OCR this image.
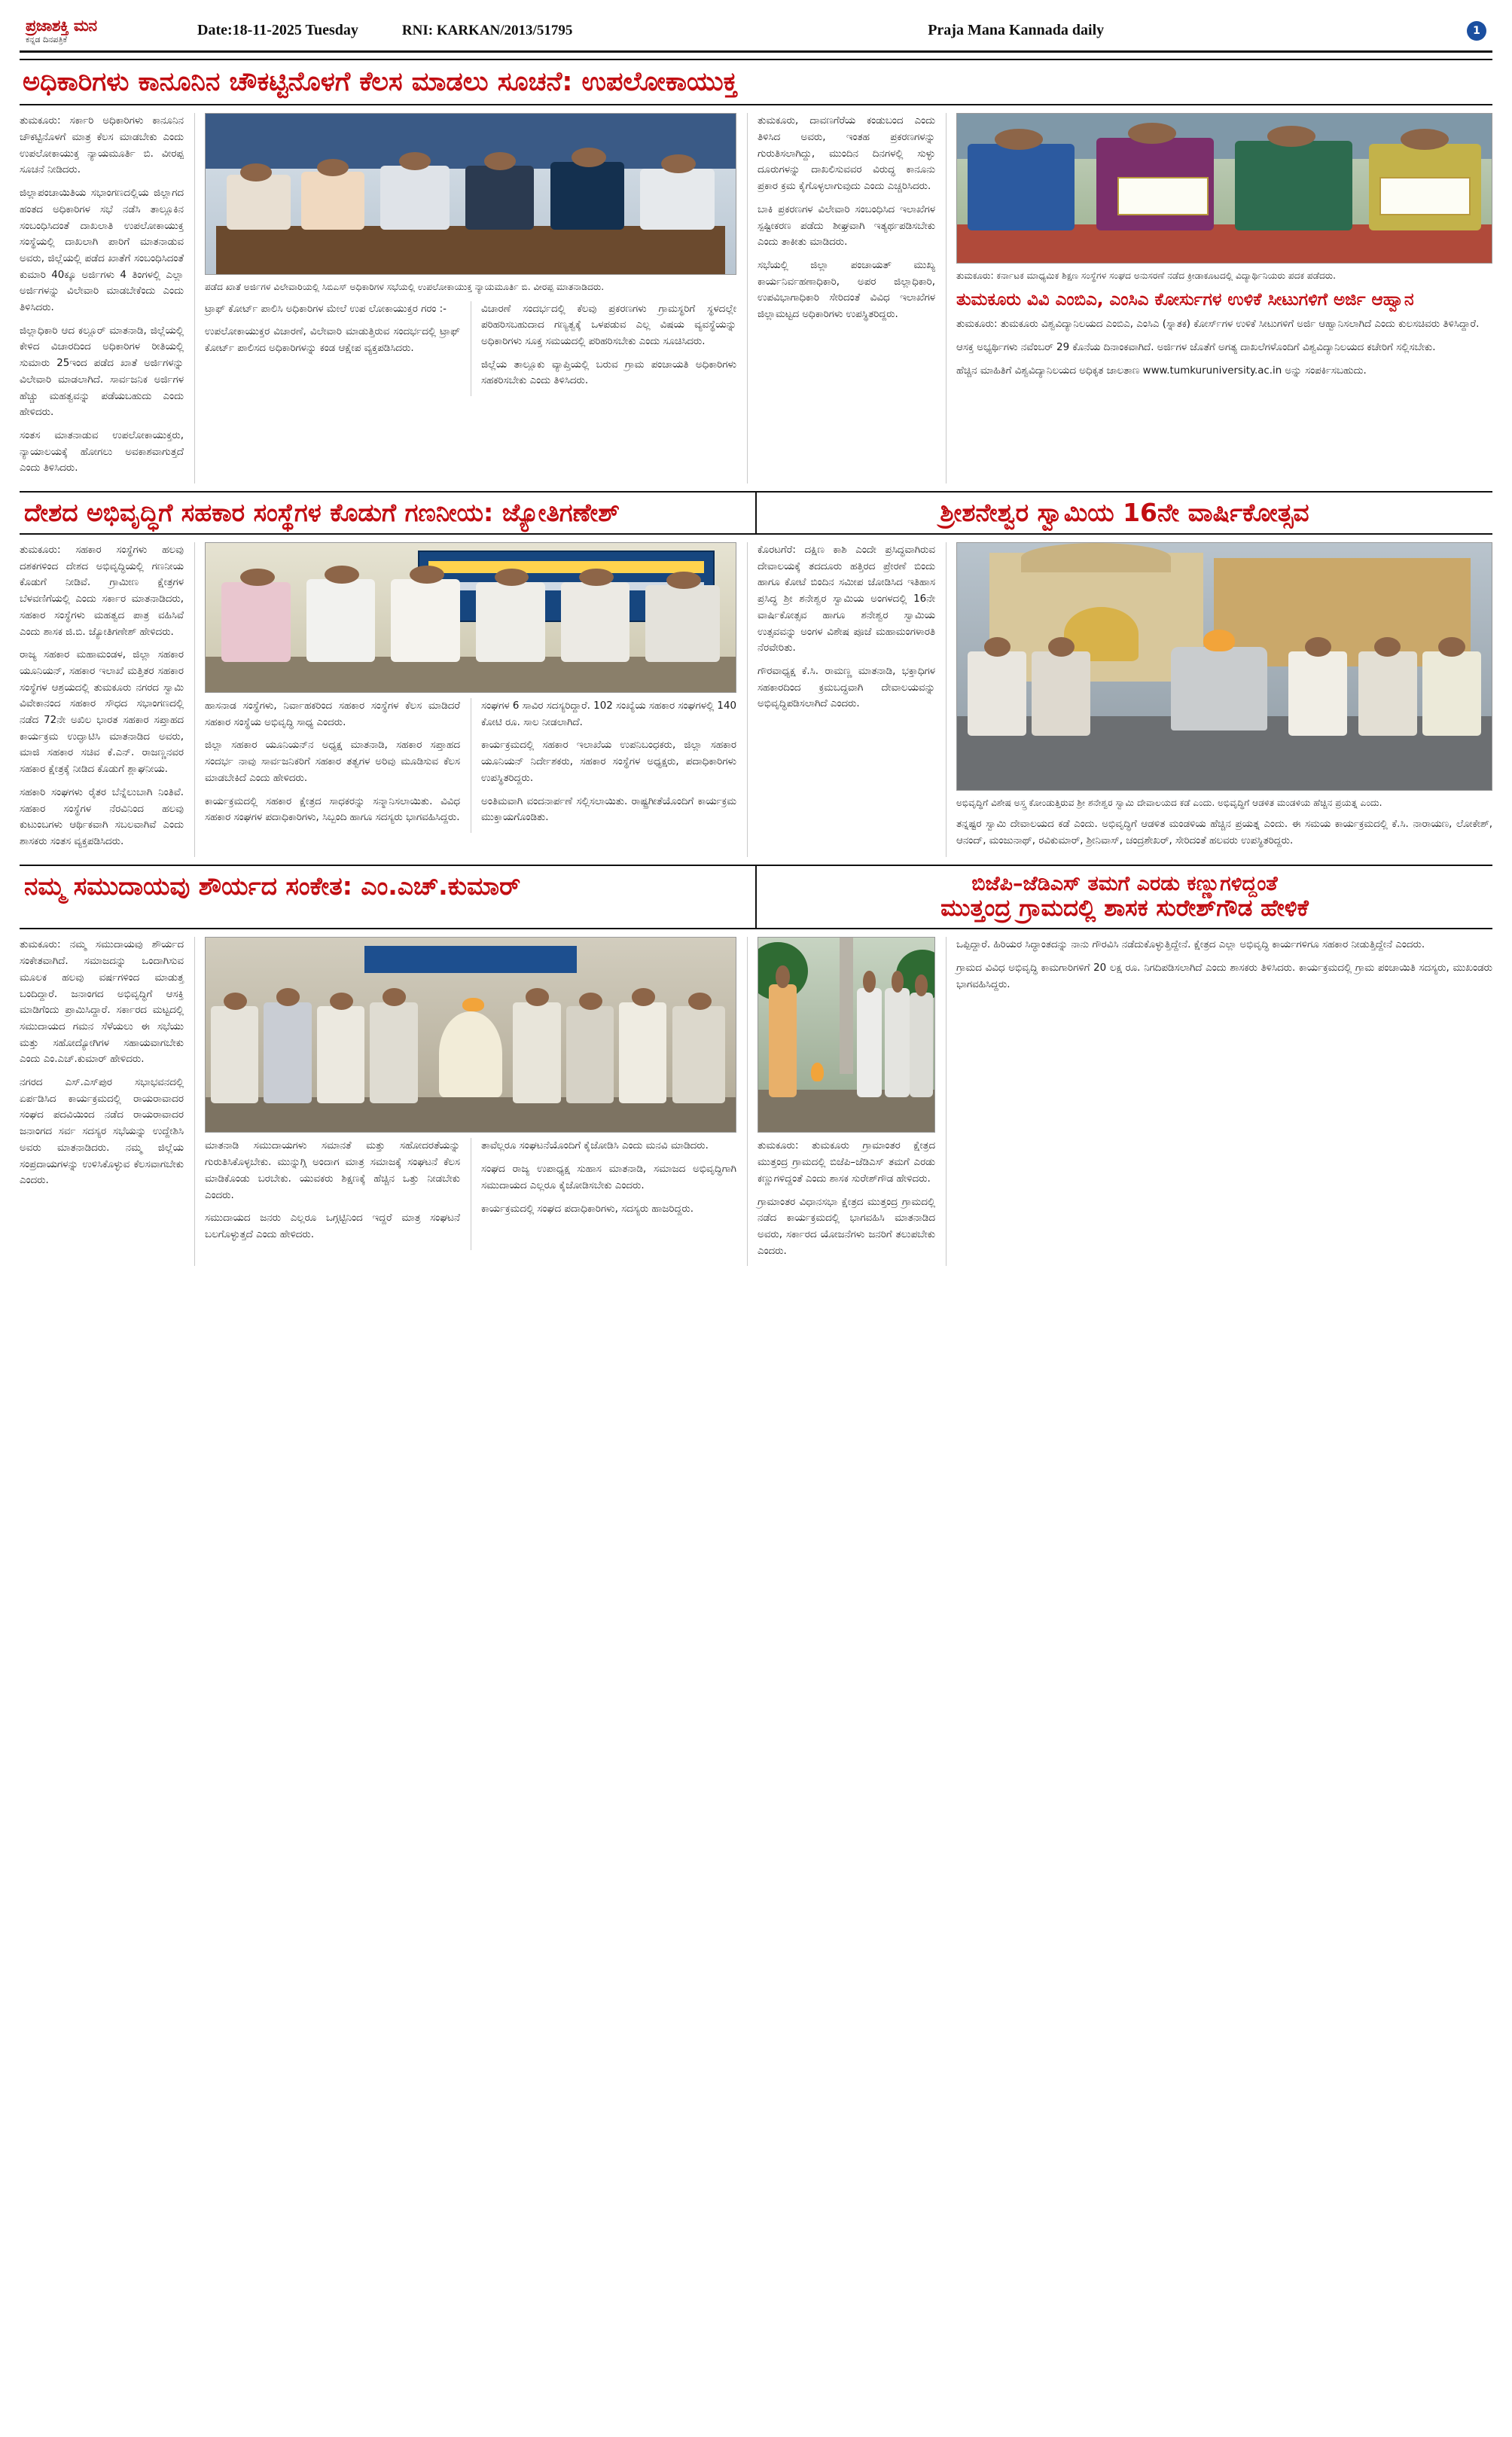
ಪ್ರಜಾಶಕ್ತಿ ಮನ
ಕನ್ನಡ ದಿನಪತ್ರಿಕೆ
Date:18-11-2025 Tuesday	RNI: KARKAN/2013/51795	Praja Mana Kannada daily	1
ಅಧಿಕಾರಿಗಳು ಕಾನೂನಿನ ಚೌಕಟ್ಟಿನೊಳಗೆ ಕೆಲಸ ಮಾಡಲು ಸೂಚನೆ: ಉಪಲೋಕಾಯುಕ್ತ

ತುಮಕೂರು: ಸರ್ಕಾರಿ ಅಧಿಕಾರಿಗಳು ಕಾನೂನಿನ ಚೌಕಟ್ಟಿನೊಳಗೆ ಮಾತ್ರ ಕೆಲಸ ಮಾಡಬೇಕು ಎಂದು ಉಪಲೋಕಾಯುಕ್ತ ನ್ಯಾಯಮೂರ್ತಿ ಬಿ. ವೀರಪ್ಪ ಸೂಚನೆ ನೀಡಿದರು.

ಜಿಲ್ಲಾಪಂಚಾಯಿತಿಯ ಸಭಾಂಗಣದಲ್ಲಿಯ ಜಿಲ್ಲಾಗದ ಹಂತದ ಅಧಿಕಾರಿಗಳ ಸಭೆ ನಡೆಸಿ ತಾಲ್ಲೂಕಿನ ಸಂಬಂಧಿಸಿದಂತೆ ದಾಖಲಾತಿ ಉಪಲೋಕಾಯುಕ್ತ ಸಂಸ್ಥೆಯಲ್ಲಿ ದಾಖಲಾಗಿ ಪಾರಿಗೆ ಮಾತನಾಡುವ ಅವರು, ಜಿಲ್ಲೆಯಲ್ಲಿ ಪಡೆದ ಖಾತೆಗೆ ಸಂಬಂಧಿಸಿದಂತೆ ಕುಮಾರಿ 40ಕ್ಕೂ ಅರ್ಜಿಗಳು 4 ತಿಂಗಳಲ್ಲಿ ಎಲ್ಲಾ ಅರ್ಜಿಗಳನ್ನು ವಿಲೇವಾರಿ ಮಾಡಬೇಕೆಂದು ಎಂದು ತಿಳಿಸಿದರು.

ಜಿಲ್ಲಾಧಿಕಾರಿ ಆದ ಕಲ್ಲೂರ್ ಮಾತನಾಡಿ, ಜಿಲ್ಲೆಯಲ್ಲಿ ಕೇಳಿದ ವಿಚಾರದಿಂದ ಅಧಿಕಾರಿಗಳ ರೀತಿಯಲ್ಲಿ ಸುಮಾರು 25ಇಂದ ಪಡೆದ ಖಾತೆ ಅರ್ಜಿಗಳನ್ನು ವಿಲೇವಾರಿ ಮಾಡಲಾಗಿದೆ. ಸಾರ್ವಜನಿಕ ಅರ್ಜಿಗಳ ಹೆಚ್ಚು ಮಹತ್ವವನ್ನು ಪಡೆಯಬಹುದು ಎಂದು ಹೇಳಿದರು.

ಸಂತಸ ಮಾತನಾಡುವ ಉಪಲೋಕಾಯುಕ್ತರು, ನ್ಯಾಯಾಲಯಕ್ಕೆ ಹೋಗಲು ಅವಕಾಶವಾಗುತ್ತದೆ ಎಂದು ತಿಳಿಸಿದರು.

ಪಡೆದ ಖಾತೆ ಅರ್ಜಿಗಳ ವಿಲೇವಾರಿಯಲ್ಲಿ ಸಿಬಿಎಸ್ ಅಧಿಕಾರಿಗಳ ಸಭೆಯಲ್ಲಿ ಉಪಲೋಕಾಯುಕ್ತ ನ್ಯಾಯಮೂರ್ತಿ ಬಿ. ವೀರಪ್ಪ ಮಾತನಾಡಿದರು.

ಟ್ರಾಫ್ ಕೋರ್ಟ್ ಪಾಲಿಸಿ ಅಧಿಕಾರಿಗಳ ಮೇಲೆ ಉಪ ಲೋಕಾಯುಕ್ತರ ಗರಂ :-

ಉಪಲೋಕಾಯುಕ್ತರ ವಿಚಾರಣೆ, ವಿಲೇವಾರಿ ಮಾಡುತ್ತಿರುವ ಸಂದರ್ಭದಲ್ಲಿ ಟ್ರಾಫ್ ಕೋರ್ಟ್ ಪಾಲಿಸದ ಅಧಿಕಾರಿಗಳನ್ನು ಕಂಡ ಆಕ್ಷೇಪ ವ್ಯಕ್ತಪಡಿಸಿದರು.

ವಿಚಾರಣೆ ಸಂದರ್ಭದಲ್ಲಿ ಕೆಲವು ಪ್ರಕರಣಗಳು ಗ್ರಾಮಸ್ಥರಿಗೆ ಸ್ಥಳದಲ್ಲೇ ಪರಿಹರಿಸಬಹುದಾದ ಗಣ್ಯತ್ವಕ್ಕೆ ಒಳಪಡುವ ಎಲ್ಲ ವಿಷಯ ವ್ಯವಸ್ಥೆಯನ್ನು ಅಧಿಕಾರಿಗಳು ಸೂಕ್ತ ಸಮಯದಲ್ಲಿ ಪರಿಹರಿಸಬೇಕು ಎಂದು ಸೂಚಿಸಿದರು.

ಜಿಲ್ಲೆಯ ತಾಲ್ಲೂಕು ವ್ಯಾಪ್ತಿಯಲ್ಲಿ ಬರುವ ಗ್ರಾಮ ಪಂಚಾಯತಿ ಅಧಿಕಾರಿಗಳು ಸಹಕರಿಸಬೇಕು ಎಂದು ತಿಳಿಸಿದರು.

ತುಮಕೂರು, ದಾವಣಗೆರೆಯ ಕಂಡುಬಂದ ಎಂದು ತಿಳಿಸಿದ ಅವರು, ಇಂತಹ ಪ್ರಕರಣಗಳನ್ನು ಗುರುತಿಸಲಾಗಿದ್ದು, ಮುಂದಿನ ದಿನಗಳಲ್ಲಿ ಸುಳ್ಳು ದೂರುಗಳನ್ನು ದಾಖಲಿಸುವವರ ವಿರುದ್ಧ ಕಾನೂನು ಪ್ರಕಾರ ಕ್ರಮ ಕೈಗೊಳ್ಳಲಾಗುವುದು ಎಂದು ಎಚ್ಚರಿಸಿದರು.

ಬಾಕಿ ಪ್ರಕರಣಗಳ ವಿಲೇವಾರಿ ಸಂಬಂಧಿಸಿದ ಇಲಾಖೆಗಳ ಸ್ಪಷ್ಟೀಕರಣ ಪಡೆದು ಶೀಘ್ರವಾಗಿ ಇತ್ಯರ್ಥಪಡಿಸಬೇಕು ಎಂದು ತಾಕೀತು ಮಾಡಿದರು.

ಸಭೆಯಲ್ಲಿ ಜಿಲ್ಲಾ ಪಂಚಾಯತ್ ಮುಖ್ಯ ಕಾರ್ಯನಿರ್ವಹಣಾಧಿಕಾರಿ, ಅಪರ ಜಿಲ್ಲಾಧಿಕಾರಿ, ಉಪವಿಭಾಗಾಧಿಕಾರಿ ಸೇರಿದಂತೆ ವಿವಿಧ ಇಲಾಖೆಗಳ ಜಿಲ್ಲಾಮಟ್ಟದ ಅಧಿಕಾರಿಗಳು ಉಪಸ್ಥಿತರಿದ್ದರು.

ತುಮಕೂರು: ಕರ್ನಾಟಕ ಮಾಧ್ಯಮಿಕ ಶಿಕ್ಷಣ ಸಂಸ್ಥೆಗಳ ಸಂಘದ ಅನುಸರಣೆ ನಡೆದ ಕ್ರೀಡಾಕೂಟದಲ್ಲಿ ವಿದ್ಯಾರ್ಥಿನಿಯರು ಪದಕ ಪಡೆದರು.
ತುಮಕೂರು ವಿವಿ ಎಂಬಿಎ, ಎಂಸಿಎ ಕೋರ್ಸುಗಳ ಉಳಿಕೆ ಸೀಟುಗಳಿಗೆ ಅರ್ಜಿ ಆಹ್ವಾನ

ತುಮಕೂರು: ತುಮಕೂರು ವಿಶ್ವವಿದ್ಯಾನಿಲಯದ ಎಂಬಿಎ, ಎಂಸಿಎ (ಸ್ನಾತಕ) ಕೋರ್ಸ್‌ಗಳ ಉಳಿಕೆ ಸೀಟುಗಳಿಗೆ ಅರ್ಜಿ ಆಹ್ವಾನಿಸಲಾಗಿದೆ ಎಂದು ಕುಲಸಚಿವರು ತಿಳಿಸಿದ್ದಾರೆ.

ಆಸಕ್ತ ಅಭ್ಯರ್ಥಿಗಳು ನವೆಂಬರ್ 29 ಕೊನೆಯ ದಿನಾಂಕವಾಗಿದೆ. ಅರ್ಜಿಗಳ ಜೊತೆಗೆ ಅಗತ್ಯ ದಾಖಲೆಗಳೊಂದಿಗೆ ವಿಶ್ವವಿದ್ಯಾನಿಲಯದ ಕಚೇರಿಗೆ ಸಲ್ಲಿಸಬೇಕು.

ಹೆಚ್ಚಿನ ಮಾಹಿತಿಗೆ ವಿಶ್ವವಿದ್ಯಾನಿಲಯದ ಅಧಿಕೃತ ಜಾಲತಾಣ www.tumkuruniversity.ac.in ಅನ್ನು ಸಂಪರ್ಕಿಸಬಹುದು.

ದೇಶದ ಅಭಿವೃದ್ಧಿಗೆ ಸಹಕಾರ ಸಂಸ್ಥೆಗಳ ಕೊಡುಗೆ ಗಣನೀಯ: ಜ್ಯೋತಿಗಣೇಶ್	ಶ್ರೀಶನೇಶ್ವರ ಸ್ವಾಮಿಯ 16ನೇ ವಾರ್ಷಿಕೋತ್ಸವ

ತುಮಕೂರು: ಸಹಕಾರ ಸಂಸ್ಥೆಗಳು ಹಲವು ದಶಕಗಳಿಂದ ದೇಶದ ಅಭಿವೃದ್ಧಿಯಲ್ಲಿ ಗಣನೀಯ ಕೊಡುಗೆ ನೀಡಿವೆ. ಗ್ರಾಮೀಣ ಕ್ಷೇತ್ರಗಳ ಬೆಳವಣಿಗೆಯಲ್ಲಿ ಎಂದು ಸರ್ಕಾರ ಮಾತನಾಡಿದರು, ಸಹಕಾರ ಸಂಸ್ಥೆಗಳು ಮಹತ್ವದ ಪಾತ್ರ ವಹಿಸಿವೆ ಎಂದು ಶಾಸಕ ಜಿ.ಬಿ. ಜ್ಯೋತಿಗಣೇಶ್ ಹೇಳಿದರು.

ರಾಜ್ಯ ಸಹಕಾರ ಮಹಾಮಂಡಳ, ಜಿಲ್ಲಾ ಸಹಕಾರ ಯೂನಿಯನ್, ಸಹಕಾರ ಇಲಾಖೆ ಮತ್ತಿತರ ಸಹಕಾರ ಸಂಸ್ಥೆಗಳ ಆಶ್ರಯದಲ್ಲಿ ತುಮಕೂರು ನಗರದ ಸ್ವಾಮಿ ವಿವೇಕಾನಂದ ಸಹಕಾರ ಸೌಧದ ಸಭಾಂಗಣದಲ್ಲಿ ನಡೆದ 72ನೇ ಅಖಿಲ ಭಾರತ ಸಹಕಾರ ಸಪ್ತಾಹದ ಕಾರ್ಯಕ್ರಮ ಉದ್ಘಾಟಿಸಿ ಮಾತನಾಡಿದ ಅವರು, ಮಾಜಿ ಸಹಕಾರ ಸಚಿವ ಕೆ.ಎನ್. ರಾಜಣ್ಣನವರ ಸಹಕಾರ ಕ್ಷೇತ್ರಕ್ಕೆ ನೀಡಿದ ಕೊಡುಗೆ ಶ್ಲಾಘನೀಯ.

ಸಹಕಾರಿ ಸಂಘಗಳು ರೈತರ ಬೆನ್ನೆಲುಬಾಗಿ ನಿಂತಿವೆ. ಸಹಕಾರ ಸಂಸ್ಥೆಗಳ ನೆರವಿನಿಂದ ಹಲವು ಕುಟುಂಬಗಳು ಆರ್ಥಿಕವಾಗಿ ಸಬಲವಾಗಿವೆ ಎಂದು ಶಾಸಕರು ಸಂತಸ ವ್ಯಕ್ತಪಡಿಸಿದರು.

ಹಾಸನಾಡ ಸಂಸ್ಥೆಗಳು, ನಿರ್ವಾಹಕರಿಂದ ಸಹಕಾರ ಸಂಸ್ಥೆಗಳ ಕೆಲಸ ಮಾಡಿದರೆ ಸಹಕಾರ ಸಂಸ್ಥೆಯ ಅಭಿವೃದ್ಧಿ ಸಾಧ್ಯ ಎಂದರು.

ಜಿಲ್ಲಾ ಸಹಕಾರ ಯೂನಿಯನ್‌ನ ಅಧ್ಯಕ್ಷ ಮಾತನಾಡಿ, ಸಹಕಾರ ಸಪ್ತಾಹದ ಸಂದರ್ಭ ನಾವು ಸಾರ್ವಜನಿಕರಿಗೆ ಸಹಕಾರ ತತ್ವಗಳ ಅರಿವು ಮೂಡಿಸುವ ಕೆಲಸ ಮಾಡಬೇಕಿದೆ ಎಂದು ಹೇಳಿದರು.

ಕಾರ್ಯಕ್ರಮದಲ್ಲಿ ಸಹಕಾರ ಕ್ಷೇತ್ರದ ಸಾಧಕರನ್ನು ಸನ್ಮಾನಿಸಲಾಯಿತು. ವಿವಿಧ ಸಹಕಾರ ಸಂಘಗಳ ಪದಾಧಿಕಾರಿಗಳು, ಸಿಬ್ಬಂದಿ ಹಾಗೂ ಸದಸ್ಯರು ಭಾಗವಹಿಸಿದ್ದರು.

ಸಂಘಗಳ 6 ಸಾವಿರ ಸದಸ್ಯರಿದ್ದಾರೆ. 102 ಸಂಖ್ಯೆಯ ಸಹಕಾರ ಸಂಘಗಳಲ್ಲಿ 140 ಕೋಟಿ ರೂ. ಸಾಲ ನೀಡಲಾಗಿದೆ.

ಕಾರ್ಯಕ್ರಮದಲ್ಲಿ ಸಹಕಾರ ಇಲಾಖೆಯ ಉಪನಿಬಂಧಕರು, ಜಿಲ್ಲಾ ಸಹಕಾರ ಯೂನಿಯನ್ ನಿರ್ದೇಶಕರು, ಸಹಕಾರ ಸಂಸ್ಥೆಗಳ ಅಧ್ಯಕ್ಷರು, ಪದಾಧಿಕಾರಿಗಳು ಉಪಸ್ಥಿತರಿದ್ದರು.

ಅಂತಿಮವಾಗಿ ವಂದನಾರ್ಪಣೆ ಸಲ್ಲಿಸಲಾಯಿತು. ರಾಷ್ಟ್ರಗೀತೆಯೊಂದಿಗೆ ಕಾರ್ಯಕ್ರಮ ಮುಕ್ತಾಯಗೊಂಡಿತು.

ಕೊರಟಗೆರೆ: ದಕ್ಷಿಣ ಕಾಶಿ ಎಂದೇ ಪ್ರಸಿದ್ಧವಾಗಿರುವ ದೇವಾಲಯಕ್ಕೆ ತದದೂರು ಹತ್ತಿರದ ಪ್ರೇರಣೆ ಬಿಂದು ಹಾಗೂ ಕೋಟೆ ಬಿಂದಿನ ಸಮೀಪ ಜೋಡಿಸಿದ ಇತಿಹಾಸ ಪ್ರಸಿದ್ಧ ಶ್ರೀ ಶನೇಶ್ವರ ಸ್ವಾಮಿಯ ಅಂಗಳದಲ್ಲಿ 16ನೇ ವಾರ್ಷಿಕೋತ್ಸವ ಹಾಗೂ ಶನೇಶ್ವರ ಸ್ವಾಮಿಯ ಉತ್ಸವವನ್ನು ಅಂಗಳ ವಿಶೇಷ ಪೂಜೆ ಮಹಾಮಂಗಳಾರತಿ ನೆರವೇರಿತು.

ಗೌರವಾಧ್ಯಕ್ಷ ಕೆ.ಸಿ. ರಾಮಣ್ಣ ಮಾತನಾಡಿ, ಭಕ್ತಾಧಿಗಳ ಸಹಕಾರದಿಂದ ಕ್ರಮಬದ್ಧವಾಗಿ ದೇವಾಲಯವನ್ನು ಅಭಿವೃದ್ಧಿಪಡಿಸಲಾಗಿದೆ ಎಂದರು.

ಅಭಿವೃದ್ಧಿಗೆ ವಿಶೇಷ ಅಸ್ತ್ರ ಕೋಂಡುತ್ತಿರುವ ಶ್ರೀ ಶನೇಶ್ವರ ಸ್ವಾಮಿ ದೇವಾಲಯದ ಕಡೆ ಎಂದು. ಅಭಿವೃದ್ಧಿಗೆ ಆಡಳಿತ ಮಂಡಳಿಯ ಹೆಚ್ಚಿನ ಪ್ರಯತ್ನ ಎಂದು.

ತನ್ನಷ್ಟರ ಸ್ವಾಮಿ ದೇವಾಲಯದ ಕಡೆ ಎಂದು. ಅಭಿವೃದ್ಧಿಗೆ ಆಡಳಿತ ಮಂಡಳಿಯ ಹೆಚ್ಚಿನ ಪ್ರಯತ್ನ ಎಂದು. ಈ ಸಮಯ ಕಾರ್ಯಕ್ರಮದಲ್ಲಿ ಕೆ.ಸಿ. ನಾರಾಯಣ, ಲೋಕೇಶ್, ಆನಂದ್, ಮಂಜುನಾಥ್, ರವಿಕುಮಾರ್, ಶ್ರೀನಿವಾಸ್, ಚಂದ್ರಶೇಖರ್, ಸೇರಿದಂತೆ ಹಲವರು ಉಪಸ್ಥಿತರಿದ್ದರು.

ನಮ್ಮ ಸಮುದಾಯವು ಶೌರ್ಯದ ಸಂಕೇತ: ಎಂ.ಎಚ್.ಕುಮಾರ್	ಬಿಜೆಪಿ–ಜೆಡಿಎಸ್ ತಮಗೆ ಎರಡು ಕಣ್ಣುಗಳಿದ್ದಂತೆ
ಮುತ್ತಂದ್ರ ಗ್ರಾಮದಲ್ಲಿ ಶಾಸಕ ಸುರೇಶ್‌ಗೌಡ ಹೇಳಿಕೆ

ತುಮಕೂರು: ನಮ್ಮ ಸಮುದಾಯವು ಶೌರ್ಯದ ಸಂಕೇತವಾಗಿದೆ. ಸಮಾಜದನ್ನು ಒಂದಾಗಿಸುವ ಮೂಲಕ ಹಲವು ವರ್ಷಗಳಿಂದ ಮಾಡುತ್ತ ಬಂದಿದ್ದಾರೆ. ಜನಾಂಗದ ಅಭಿವೃದ್ಧಿಗೆ ಆಸಕ್ತಿ ಮಾಡಿಗೆಂದು ಪ್ರಾಮಿಸಿದ್ದಾರೆ. ಸರ್ಕಾರದ ಮಟ್ಟದಲ್ಲಿ ಸಮುದಾಯದ ಗಮನ ಸೆಳೆಯಲು ಈ ಸಭೆಯು ಮತ್ತು ಸಹೋದ್ಯೋಗಿಗಳ ಸಹಾಯವಾಗಬೇಕು ಎಂದು ಎಂ.ಎಚ್.ಕುಮಾರ್ ಹೇಳಿದರು.

ನಗರದ ಎಸ್.ಎಸ್‌ಪುರ ಸಭಾಭವನದಲ್ಲಿ ಏರ್ಪಡಿಸಿದ ಕಾರ್ಯಕ್ರಮದಲ್ಲಿ ರಾಯರಾವಾದರ ಸಂಘದ ಪದವಿಯಿಂದ ನಡೆದ ರಾಯರಾವಾದರ ಜನಾಂಗದ ಸರ್ವ ಸದಸ್ಯರ ಸಭೆಯನ್ನು ಉದ್ದೇಶಿಸಿ ಅವರು ಮಾತನಾಡಿದರು. ನಮ್ಮ ಜಿಲ್ಲೆಯ ಸಂಪ್ರದಾಯಗಳನ್ನು ಉಳಿಸಿಕೊಳ್ಳುವ ಕೆಲಸವಾಗಬೇಕು ಎಂದರು.

ಮಾತನಾಡಿ ಸಮುದಾಯಗಳು ಸಮಾನತೆ ಮತ್ತು ಸಹೋದರತೆಯನ್ನು ಗುರುತಿಸಿಕೊಳ್ಳಬೇಕು. ಮುನ್ನುಗ್ಗಿ ಅಂದಾಗ ಮಾತ್ರ ಸಮಾಜಕ್ಕೆ ಸಂಘಟನೆ ಕೆಲಸ ಮಾಡಿಕೊಂಡು ಬರಬೇಕು. ಯುವಕರು ಶಿಕ್ಷಣಕ್ಕೆ ಹೆಚ್ಚಿನ ಒತ್ತು ನೀಡಬೇಕು ಎಂದರು.

ಸಮುದಾಯದ ಜನರು ಎಲ್ಲರೂ ಒಗ್ಗಟ್ಟಿನಿಂದ ಇದ್ದರೆ ಮಾತ್ರ ಸಂಘಟನೆ ಬಲಗೊಳ್ಳುತ್ತದೆ ಎಂದು ಹೇಳಿದರು.

ತಾವೆಲ್ಲರೂ ಸಂಘಟನೆಯೊಂದಿಗೆ ಕೈಜೋಡಿಸಿ ಎಂದು ಮನವಿ ಮಾಡಿದರು.

ಸಂಘದ ರಾಜ್ಯ ಉಪಾಧ್ಯಕ್ಷ ಸುಹಾಸ ಮಾತನಾಡಿ, ಸಮಾಜದ ಅಭಿವೃದ್ಧಿಗಾಗಿ ಸಮುದಾಯದ ಎಲ್ಲರೂ ಕೈಜೋಡಿಸಬೇಕು ಎಂದರು.

ಕಾರ್ಯಕ್ರಮದಲ್ಲಿ ಸಂಘದ ಪದಾಧಿಕಾರಿಗಳು, ಸದಸ್ಯರು ಹಾಜರಿದ್ದರು.

ತುಮಕೂರು: ತುಮಕೂರು ಗ್ರಾಮಾಂತರ ಕ್ಷೇತ್ರದ ಮುತ್ತಂದ್ರ ಗ್ರಾಮದಲ್ಲಿ ಬಿಜೆಪಿ–ಜೆಡಿಎಸ್ ತಮಗೆ ಎರಡು ಕಣ್ಣುಗಳಿದ್ದಂತೆ ಎಂದು ಶಾಸಕ ಸುರೇಶ್‌ಗೌಡ ಹೇಳಿದರು.

ಗ್ರಾಮಾಂತರ ವಿಧಾನಸಭಾ ಕ್ಷೇತ್ರದ ಮುತ್ತಂದ್ರ ಗ್ರಾಮದಲ್ಲಿ ನಡೆದ ಕಾರ್ಯಕ್ರಮದಲ್ಲಿ ಭಾಗವಹಿಸಿ ಮಾತನಾಡಿದ ಅವರು, ಸರ್ಕಾರದ ಯೋಜನೆಗಳು ಜನರಿಗೆ ತಲುಪಬೇಕು ಎಂದರು.

ಒಪ್ಪಿದ್ದಾರೆ. ಹಿರಿಯರ ಸಿದ್ಧಾಂತದನ್ನು ನಾನು ಗೌರವಿಸಿ ನಡೆದುಕೊಳ್ಳುತ್ತಿದ್ದೇನೆ. ಕ್ಷೇತ್ರದ ಎಲ್ಲಾ ಅಭಿವೃದ್ಧಿ ಕಾರ್ಯಗಳಿಗೂ ಸಹಕಾರ ನೀಡುತ್ತಿದ್ದೇನೆ ಎಂದರು.

ಗ್ರಾಮದ ವಿವಿಧ ಅಭಿವೃದ್ಧಿ ಕಾಮಗಾರಿಗಳಿಗೆ 20 ಲಕ್ಷ ರೂ. ನಿಗದಿಪಡಿಸಲಾಗಿದೆ ಎಂದು ಶಾಸಕರು ತಿಳಿಸಿದರು. ಕಾರ್ಯಕ್ರಮದಲ್ಲಿ ಗ್ರಾಮ ಪಂಚಾಯಿತಿ ಸದಸ್ಯರು, ಮುಖಂಡರು ಭಾಗವಹಿಸಿದ್ದರು.
